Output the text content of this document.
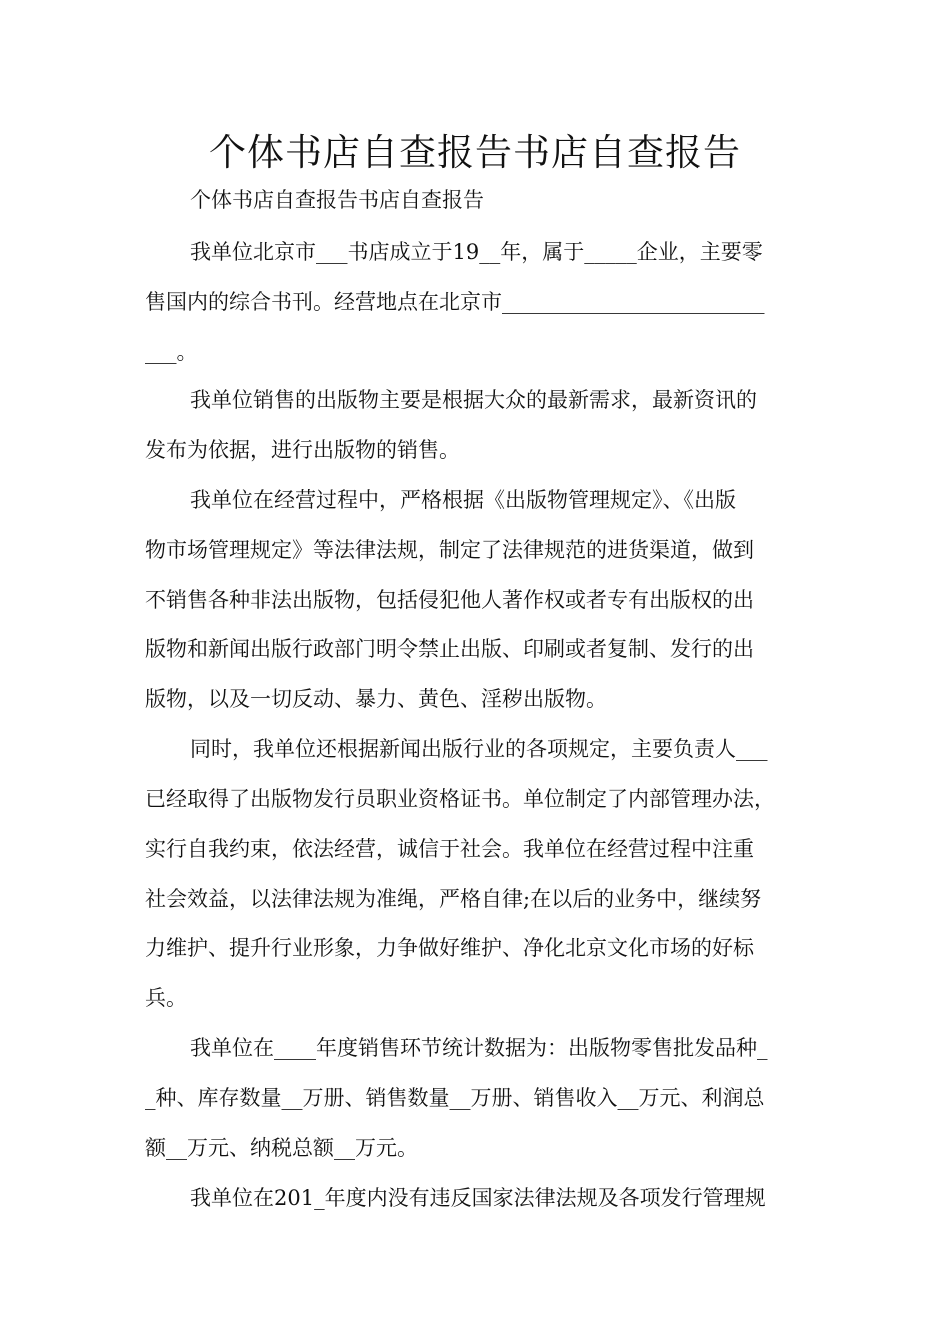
个体书店自查报告书店自查报告

个体书店自查报告书店自查报告

我单位北京市___书店成立于19__年，属于_____企业，主要零

售国内的综合书刊。经营地点在北京市_________________________

___。

我单位销售的出版物主要是根据大众的最新需求，最新资讯的

发布为依据，进行出版物的销售。

我单位在经营过程中，严格根据《出版物管理规定》、《出版

物市场管理规定》等法律法规，制定了法律规范的进货渠道，做到

不销售各种非法出版物，包括侵犯他人著作权或者专有出版权的出

版物和新闻出版行政部门明令禁止出版、印刷或者复制、发行的出

版物，以及一切反动、暴力、黄色、淫秽出版物。

同时，我单位还根据新闻出版行业的各项规定，主要负责人___

已经取得了出版物发行员职业资格证书。单位制定了内部管理办法，

实行自我约束，依法经营，诚信于社会。我单位在经营过程中注重

社会效益，以法律法规为准绳，严格自律;在以后的业务中，继续努

力维护、提升行业形象，力争做好维护、净化北京文化市场的好标

兵。

我单位在____年度销售环节统计数据为：出版物零售批发品种_

_种、库存数量__万册、销售数量__万册、销售收入__万元、利润总

额__万元、纳税总额__万元。

我单位在201_年度内没有违反国家法律法规及各项发行管理规
